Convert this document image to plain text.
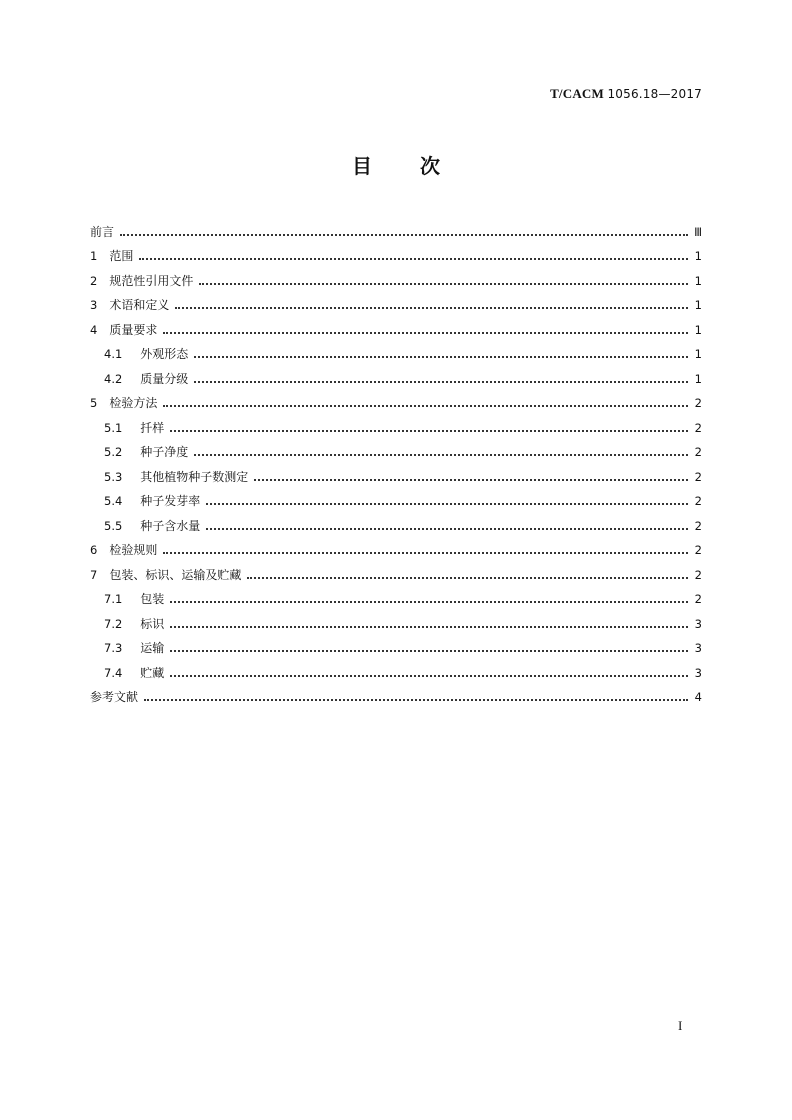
T/CACM 1056.18—2017
目 次
前言	Ⅲ
1 范围	1
2 规范性引用文件	1
3 术语和定义	1
4 质量要求	1
4.1 外观形态	1
4.2 质量分级	1
5 检验方法	2
5.1 扦样	2
5.2 种子净度	2
5.3 其他植物种子数测定	2
5.4 种子发芽率	2
5.5 种子含水量	2
6 检验规则	2
7 包装、标识、运输及贮藏	2
7.1 包装	2
7.2 标识	3
7.3 运输	3
7.4 贮藏	3
参考文献	4
I
